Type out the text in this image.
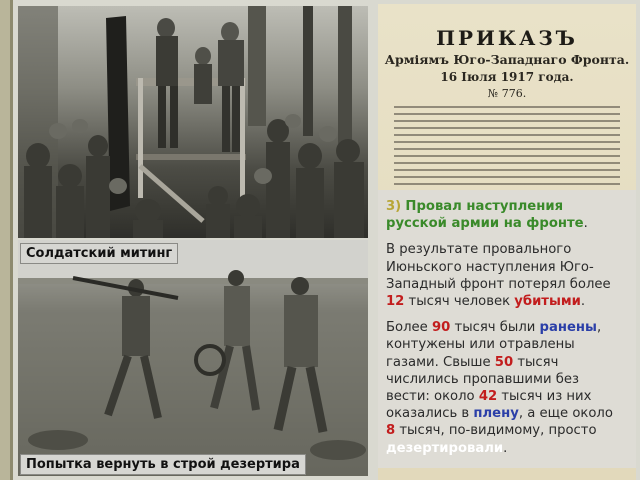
ПРИКАЗЪ
Арміямъ Юго-Западнаго Фронта.
16 Іюля 1917 года.
№ 776.

3) Провал наступления русской армии на фронте.

В результате провального Июньского наступления Юго-Западный фронт потерял более 12 тысяч человек убитыми.

Более 90 тысяч были ранены, контужены или отравлены газами. Свыше 50 тысяч числились пропавшими без вести: около 42 тысяч из них оказались в плену, а еще около 8 тысяч, по-видимому, просто дезертировали.

Солдатский митинг
Попытка вернуть в строй дезертира
